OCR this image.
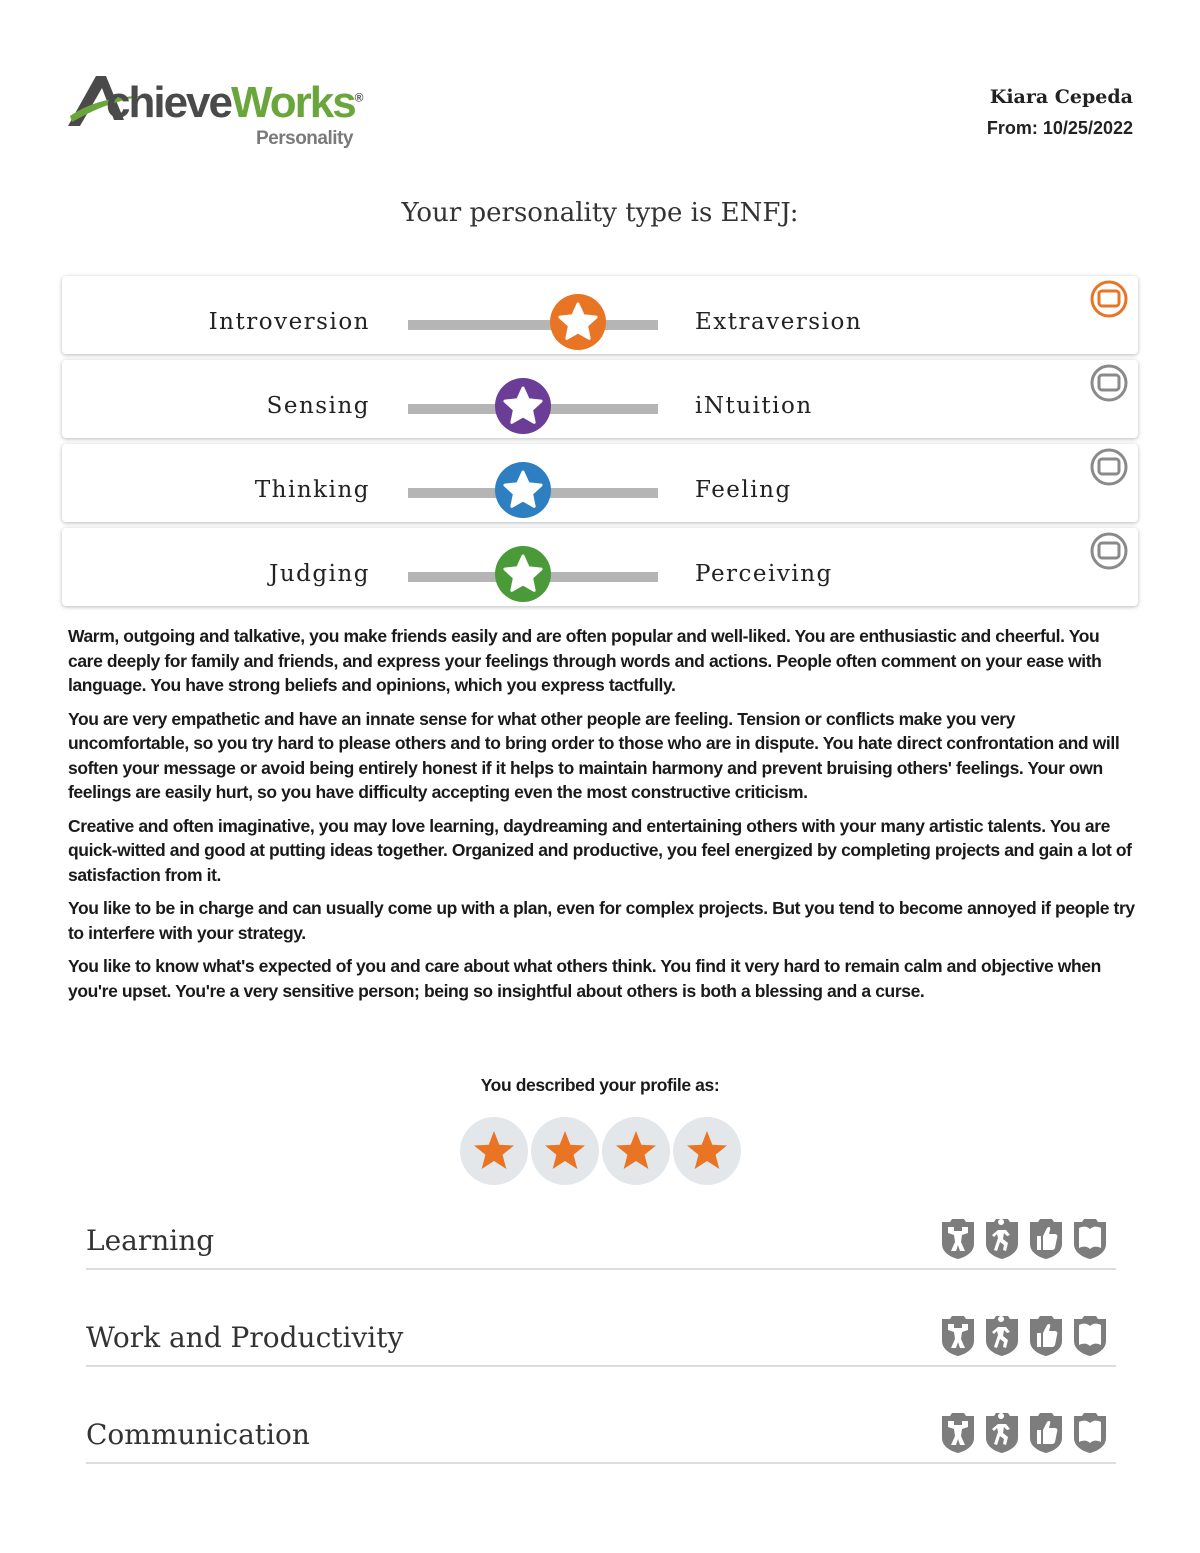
chieveWorks®
Personality
Kiara Cepeda
From: 10/25/2022
Your personality type is ENFJ:
Introversion	Extraversion
Sensing	iNtuition
Thinking	Feeling
Judging	Perceiving

Warm, outgoing and talkative, you make friends easily and are often popular and well-liked. You are enthusiastic and cheerful. You care deeply for family and friends, and express your feelings through words and actions. People often comment on your ease with language. You have strong beliefs and opinions, which you express tactfully.

You are very empathetic and have an innate sense for what other people are feeling. Tension or conflicts make you very uncomfortable, so you try hard to please others and to bring order to those who are in dispute. You hate direct confrontation and will soften your message or avoid being entirely honest if it helps to maintain harmony and prevent bruising others' feelings. Your own feelings are easily hurt, so you have difficulty accepting even the most constructive criticism.

Creative and often imaginative, you may love learning, daydreaming and entertaining others with your many artistic talents. You are quick-witted and good at putting ideas together. Organized and productive, you feel energized by completing projects and gain a lot of satisfaction from it.

You like to be in charge and can usually come up with a plan, even for complex projects. But you tend to become annoyed if people try to interfere with your strategy.

You like to know what's expected of you and care about what others think. You find it very hard to remain calm and objective when you're upset. You're a very sensitive person; being so insightful about others is both a blessing and a curse.

You described your profile as:
Learning
Work and Productivity
Communication
